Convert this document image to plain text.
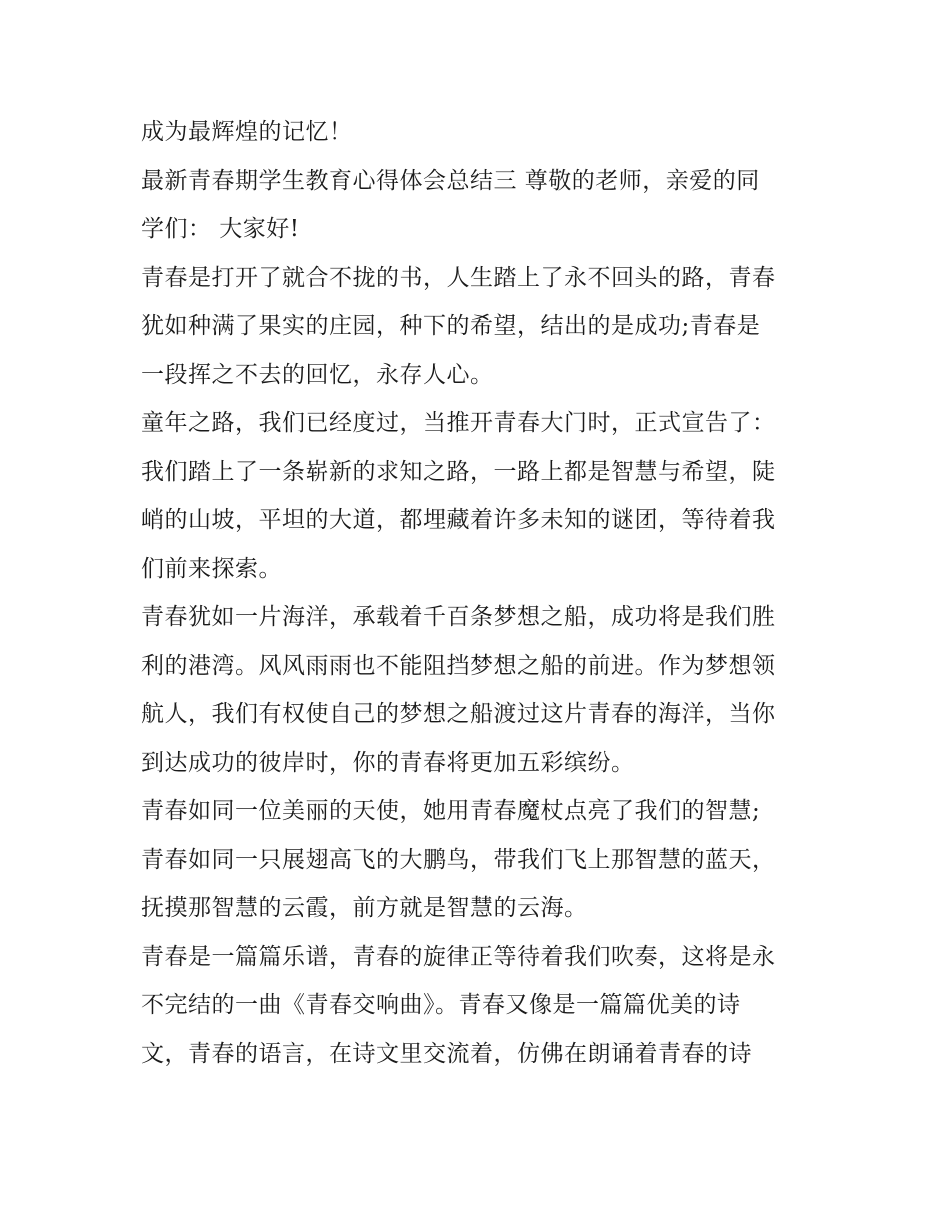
成为最辉煌的记忆！
最新青春期学生教育心得体会总结三 尊敬的老师，亲爱的同
学们： 大家好!
青春是打开了就合不拢的书，人生踏上了永不回头的路，青春
犹如种满了果实的庄园，种下的希望，结出的是成功;青春是
一段挥之不去的回忆，永存人心。
童年之路，我们已经度过，当推开青春大门时，正式宣告了：
我们踏上了一条崭新的求知之路，一路上都是智慧与希望，陡
峭的山坡，平坦的大道，都埋藏着许多未知的谜团，等待着我
们前来探索。
青春犹如一片海洋，承载着千百条梦想之船，成功将是我们胜
利的港湾。风风雨雨也不能阻挡梦想之船的前进。作为梦想领
航人，我们有权使自己的梦想之船渡过这片青春的海洋，当你
到达成功的彼岸时，你的青春将更加五彩缤纷。
青春如同一位美丽的天使，她用青春魔杖点亮了我们的智慧;
青春如同一只展翅高飞的大鹏鸟，带我们飞上那智慧的蓝天，
抚摸那智慧的云霞，前方就是智慧的云海。
青春是一篇篇乐谱，青春的旋律正等待着我们吹奏，这将是永
不完结的一曲《青春交响曲》。青春又像是一篇篇优美的诗
文，青春的语言，在诗文里交流着，仿佛在朗诵着青春的诗
